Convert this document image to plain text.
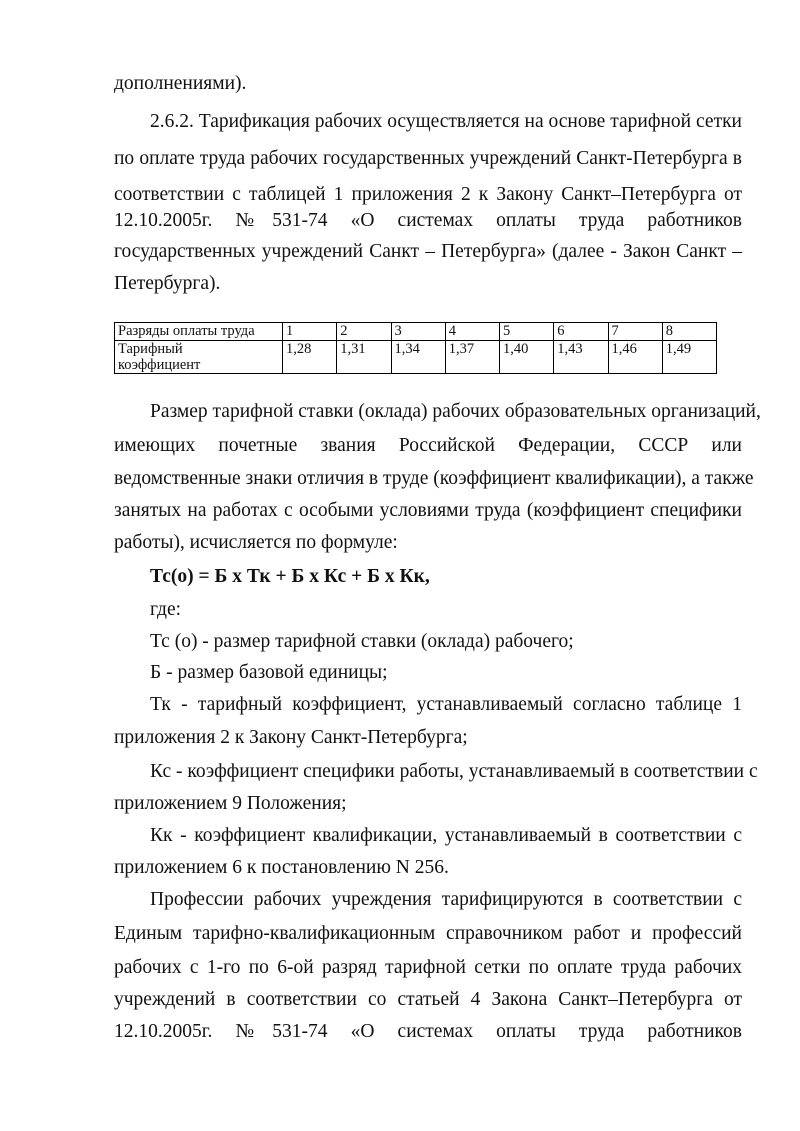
дополнениями).
2.6.2. Тарификация рабочих осуществляется на основе тарифной сетки
по оплате труда рабочих государственных учреждений Санкт-Петербурга в
соответствии с таблицей 1 приложения 2 к Закону Санкт–Петербурга от
12.10.2005г. №531-74 «О системах оплаты труда работников
государственных учреждений Санкт – Петербурга» (далее - Закон Санкт –
Петербурга).
Разряды оплаты труда	1	2	3	4	5	6	7	8

Тарифный
коэффициент	1,28	1,31	1,34	1,37	1,40	1,43	1,46	1,49
Размер тарифной ставки (оклада) рабочих образовательных организаций,
имеющих почетные звания Российской Федерации, СССР или
ведомственные знаки отличия в труде (коэффициент квалификации), а также
занятых на работах с особыми условиями труда (коэффициент специфики
работы), исчисляется по формуле:
Тс(о) = Б х Тк + Б х Кс + Б х Кк,
где:
Тс (о) - размер тарифной ставки (оклада) рабочего;
Б - размер базовой единицы;
Тк - тарифный коэффициент, устанавливаемый согласно таблице 1
приложения 2 к Закону Санкт-Петербурга;
Кс - коэффициент специфики работы, устанавливаемый в соответствии с
приложением 9 Положения;
Кк - коэффициент квалификации, устанавливаемый в соответствии с
приложением 6 к постановлению N 256.
Профессии рабочих учреждения тарифицируются в соответствии с
Единым тарифно-квалификационным справочником работ и профессий
рабочих с 1-го по 6-ой разряд тарифной сетки по оплате труда рабочих
учреждений в соответствии со статьей 4 Закона Санкт–Петербурга от
12.10.2005г. №531-74 «О системах оплаты труда работников
